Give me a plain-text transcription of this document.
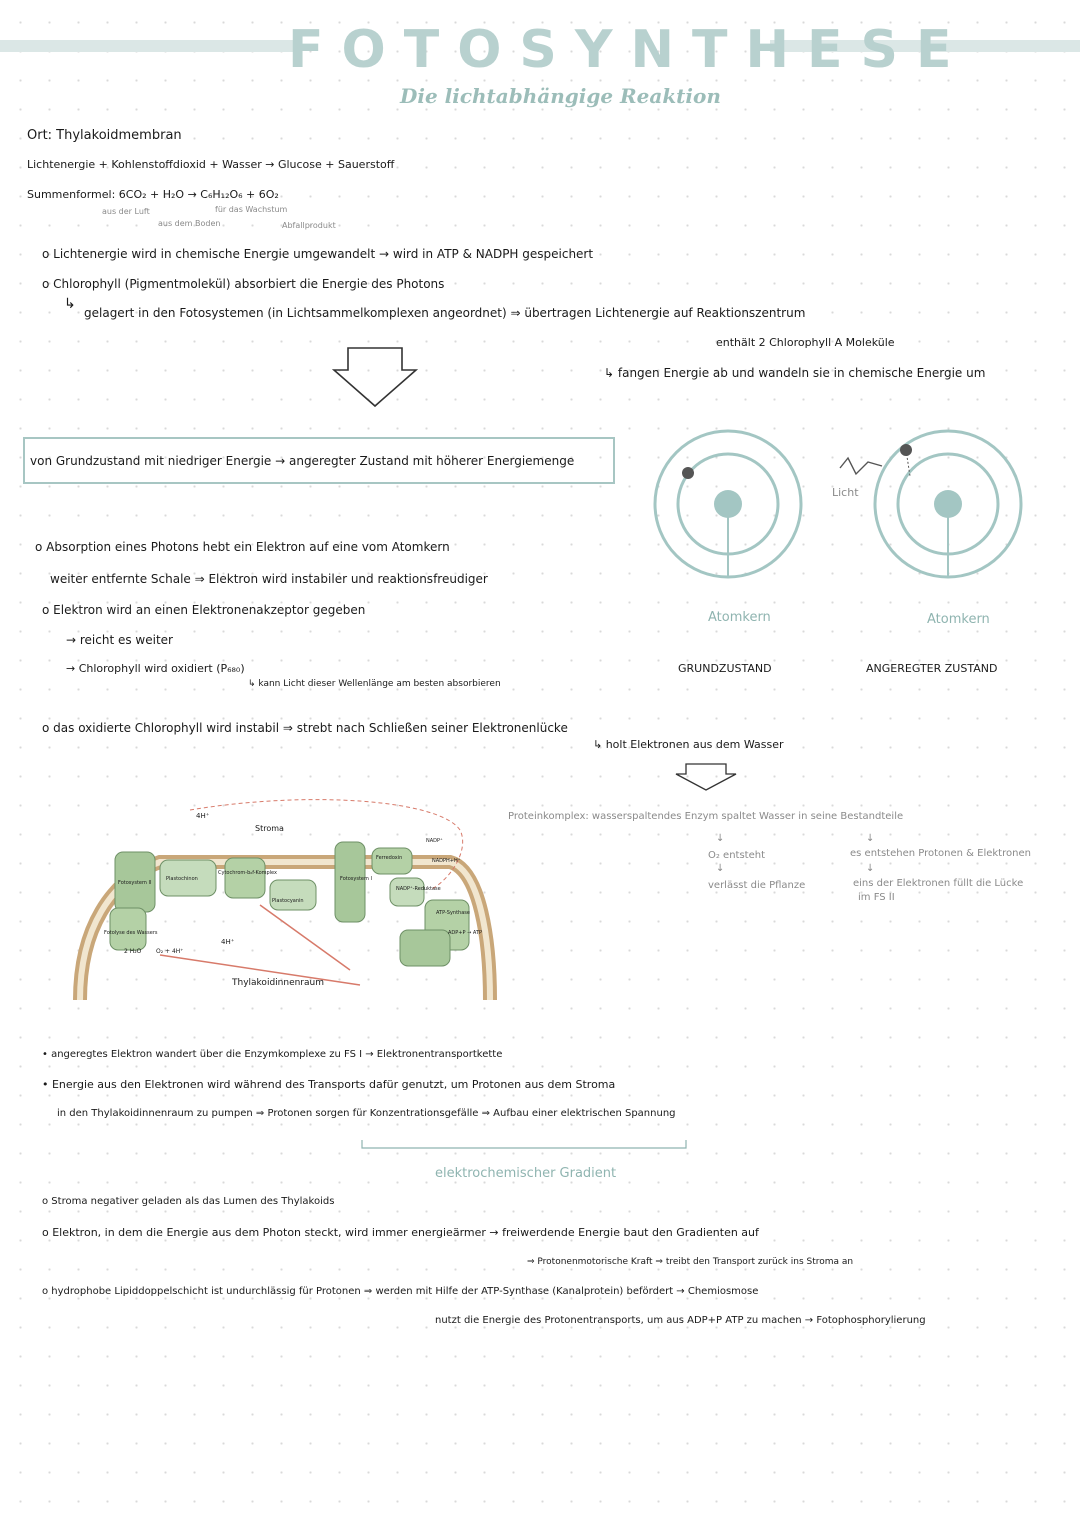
FOTOSYNTHESE
Die lichtabhängige Reaktion
Ort: Thylakoidmembran
Lichtenergie + Kohlenstoffdioxid + Wasser → Glucose + Sauerstoff
Summenformel: 6CO₂ + H₂O → C₆H₁₂O₆ + 6O₂
aus der Luft
aus dem Boden
für das Wachstum
Abfallprodukt
o Lichtenergie wird in chemische Energie umgewandelt → wird in ATP & NADPH gespeichert
o Chlorophyll (Pigmentmolekül) absorbiert die Energie des Photons
gelagert in den Fotosystemen (in Lichtsammelkomplexen angeordnet) ⇒ übertragen Lichtenergie auf Reaktionszentrum
enthält 2 Chlorophyll A Moleküle
↳ fangen Energie ab und wandeln sie in chemische Energie um
↳
von Grundzustand mit niedriger Energie → angeregter Zustand mit höherer Energiemenge
Licht
Atomkern	Atomkern
GRUNDZUSTAND	ANGEREGTER ZUSTAND
o Absorption eines Photons hebt ein Elektron auf eine vom Atomkern
weiter entfernte Schale ⇒ Elektron wird instabiler und reaktionsfreudiger
o Elektron wird an einen Elektronenakzeptor gegeben
→ reicht es weiter
→ Chlorophyll wird oxidiert (P₆₈₀)
↳ kann Licht dieser Wellenlänge am besten absorbieren
o das oxidierte Chlorophyll wird instabil ⇒ strebt nach Schließen seiner Elektronenlücke
↳ holt Elektronen aus dem Wasser
Proteinkomplex: wasserspaltendes Enzym spaltet Wasser in seine Bestandteile
O₂ entsteht
verlässt die Pflanze
es entstehen Protonen & Elektronen
eins der Elektronen füllt die Lücke
im FS II
↓
↓
↓
↓
Stroma
Thylakoidinnenraum
4H⁺
4H⁺
Fotosystem II
Plastochinon
Cytochrom-b₆f-Komplex
Plastocyanin
Fotosystem I
Ferredoxin
NADP⁺
NADPH+H⁺
NADP⁺-Reduktase
ATP-Synthase
ADP+P → ATP
Fotolyse des Wassers
2 H₂O O₂ + 4H⁺
• angeregtes Elektron wandert über die Enzymkomplexe zu FS I → Elektronentransportkette
• Energie aus den Elektronen wird während des Transports dafür genutzt, um Protonen aus dem Stroma
in den Thylakoidinnenraum zu pumpen ⇒ Protonen sorgen für Konzentrationsgefälle ⇒ Aufbau einer elektrischen Spannung
elektrochemischer Gradient
o Stroma negativer geladen als das Lumen des Thylakoids
o Elektron, in dem die Energie aus dem Photon steckt, wird immer energieärmer → freiwerdende Energie baut den Gradienten auf
⇒ Protonenmotorische Kraft ⇒ treibt den Transport zurück ins Stroma an
o hydrophobe Lipiddoppelschicht ist undurchlässig für Protonen ⇒ werden mit Hilfe der ATP-Synthase (Kanalprotein) befördert → Chemiosmose
nutzt die Energie des Protonentransports, um aus ADP+P ATP zu machen → Fotophosphorylierung
